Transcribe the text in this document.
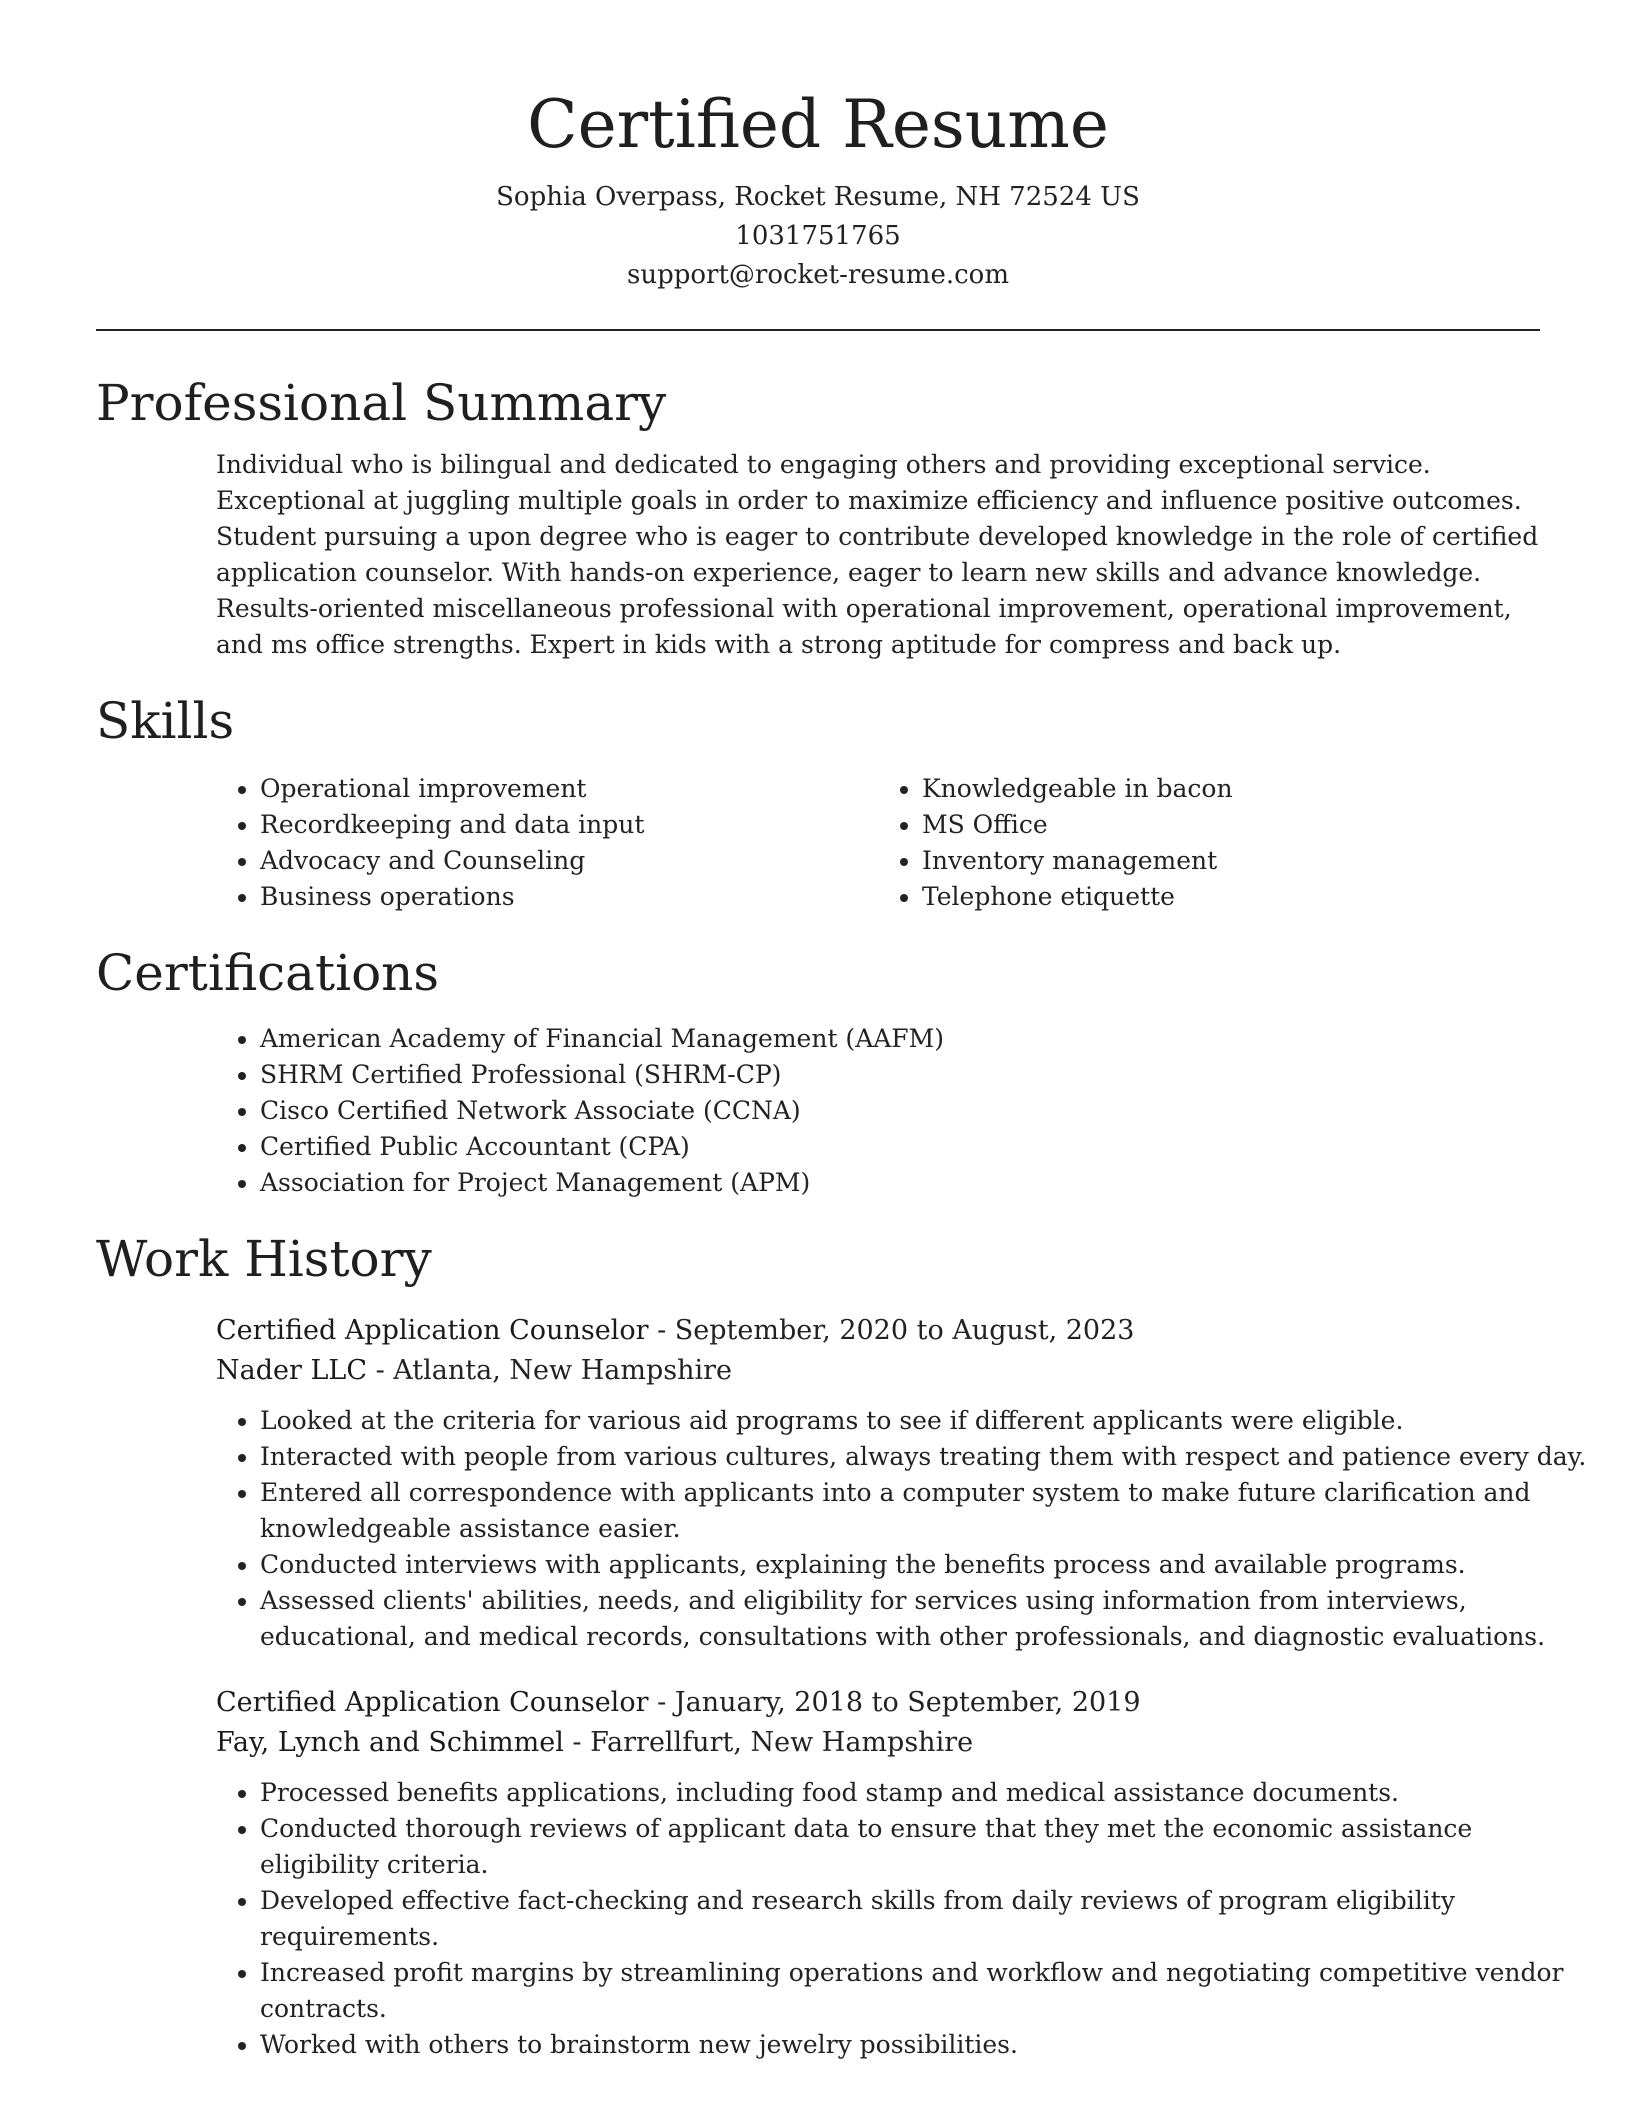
Certified Resume
Sophia Overpass, Rocket Resume, NH 72524 US
1031751765
support@rocket-resume.com
Professional Summary

Individual who is bilingual and dedicated to engaging others and providing exceptional service. Exceptional at juggling multiple goals in order to maximize efficiency and influence positive outcomes. Student pursuing a upon degree who is eager to contribute developed knowledge in the role of certified application counselor. With hands-on experience, eager to learn new skills and advance knowledge. Results-oriented miscellaneous professional with operational improvement, operational improvement, and ms office strengths. Expert in kids with a strong aptitude for compress and back up.

Skills
• Operational improvement
• Recordkeeping and data input
• Advocacy and Counseling
• Business operations
• Knowledgeable in bacon
• MS Office
• Inventory management
• Telephone etiquette
Certifications
• American Academy of Financial Management (AAFM)
• SHRM Certified Professional (SHRM-CP)
• Cisco Certified Network Associate (CCNA)
• Certified Public Accountant (CPA)
• Association for Project Management (APM)
Work History
Certified Application Counselor - September, 2020 to August, 2023
Nader LLC - Atlanta, New Hampshire
• Looked at the criteria for various aid programs to see if different applicants were eligible.
• Interacted with people from various cultures, always treating them with respect and patience every day.
• Entered all correspondence with applicants into a computer system to make future clarification and knowledgeable assistance easier.
• Conducted interviews with applicants, explaining the benefits process and available programs.
• Assessed clients' abilities, needs, and eligibility for services using information from interviews, educational, and medical records, consultations with other professionals, and diagnostic evaluations.
Certified Application Counselor - January, 2018 to September, 2019
Fay, Lynch and Schimmel - Farrellfurt, New Hampshire
• Processed benefits applications, including food stamp and medical assistance documents.
• Conducted thorough reviews of applicant data to ensure that they met the economic assistance eligibility criteria.
• Developed effective fact-checking and research skills from daily reviews of program eligibility requirements.
• Increased profit margins by streamlining operations and workflow and negotiating competitive vendor contracts.
• Worked with others to brainstorm new jewelry possibilities.
